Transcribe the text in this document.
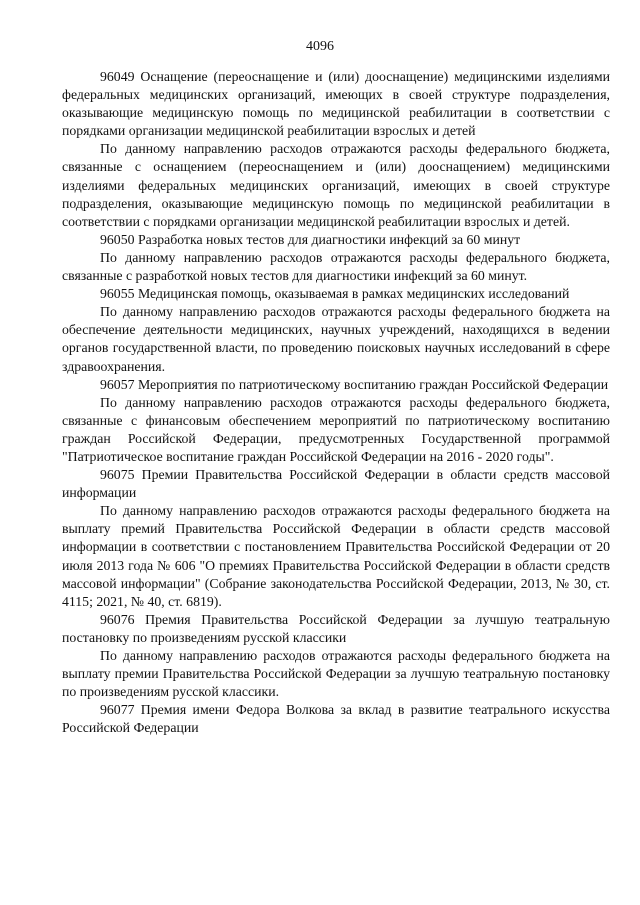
4096

96049 Оснащение (переоснащение и (или) дооснащение) медицинскими изделиями федеральных медицинских организаций, имеющих в своей структуре подразделения, оказывающие медицинскую помощь по медицинской реабилитации в соответствии с порядками организации медицинской реабилитации взрослых и детей

По данному направлению расходов отражаются расходы федерального бюджета, связанные с оснащением (переоснащением и (или) дооснащением) медицинскими изделиями федеральных медицинских организаций, имеющих в своей структуре подразделения, оказывающие медицинскую помощь по медицинской реабилитации в соответствии с порядками организации медицинской реабилитации взрослых и детей.

96050 Разработка новых тестов для диагностики инфекций за 60 минут

По данному направлению расходов отражаются расходы федерального бюджета, связанные с разработкой новых тестов для диагностики инфекций за 60 минут.

96055 Медицинская помощь, оказываемая в рамках медицинских исследований

По данному направлению расходов отражаются расходы федерального бюджета на обеспечение деятельности медицинских, научных учреждений, находящихся в ведении органов государственной власти, по проведению поисковых научных исследований в сфере здравоохранения.

96057 Мероприятия по патриотическому воспитанию граждан Российской Федерации

По данному направлению расходов отражаются расходы федерального бюджета, связанные с финансовым обеспечением мероприятий по патриотическому воспитанию граждан Российской Федерации, предусмотренных Государственной программой "Патриотическое воспитание граждан Российской Федерации на 2016 - 2020 годы".

96075 Премии Правительства Российской Федерации в области средств массовой информации

По данному направлению расходов отражаются расходы федерального бюджета на выплату премий Правительства Российской Федерации в области средств массовой информации в соответствии с постановлением Правительства Российской Федерации от 20 июля 2013 года № 606 "О премиях Правительства Российской Федерации в области средств массовой информации" (Собрание законодательства Российской Федерации, 2013, № 30, ст. 4115; 2021, № 40, ст. 6819).

96076 Премия Правительства Российской Федерации за лучшую театральную постановку по произведениям русской классики

По данному направлению расходов отражаются расходы федерального бюджета на выплату премии Правительства Российской Федерации за лучшую театральную постановку по произведениям русской классики.

96077 Премия имени Федора Волкова за вклад в развитие театрального искусства Российской Федерации
